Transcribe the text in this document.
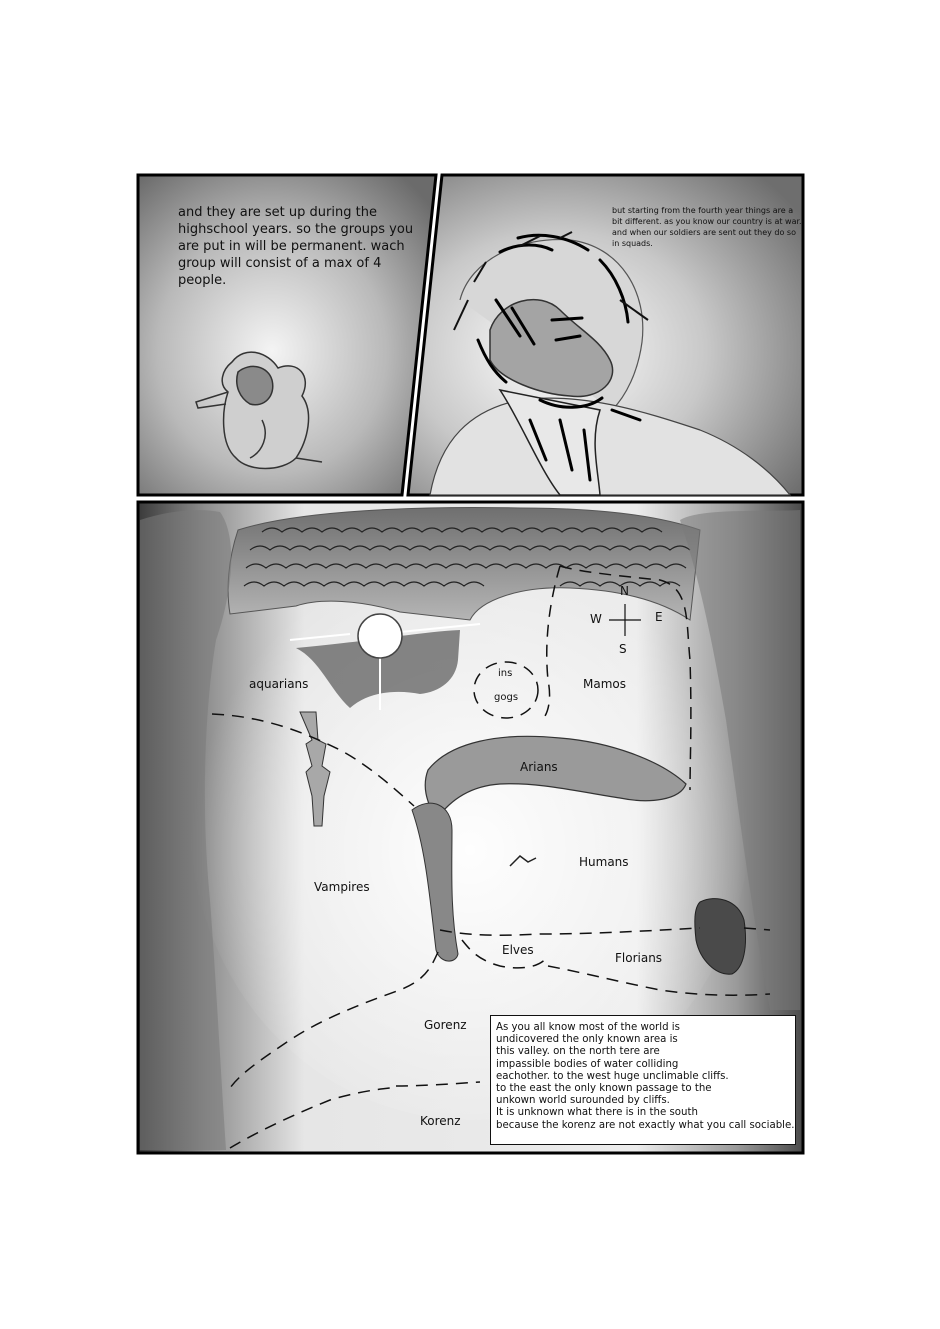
and they are set up during the highschool years. so the groups you are put in will be permanent. wach group will consist of a max of 4 people.
but starting from the fourth year things are a bit different. as you know our country is at war. and when our soldiers are sent out they do so in squads.
N
S
E
W
aquarians
ins
gogs
Mamos
Arians
Humans
Vampires
Elves
Florians
Gorenz
Korenz
As you all know most of the world is
undicovered the only known area is
this valley. on the north tere are
impassible bodies of water colliding
eachother. to the west huge unclimable cliffs.
to the east the only known passage to the
unkown world surounded by cliffs.
It is unknown what there is in the south
because the korenz are not exactly what you call sociable.
